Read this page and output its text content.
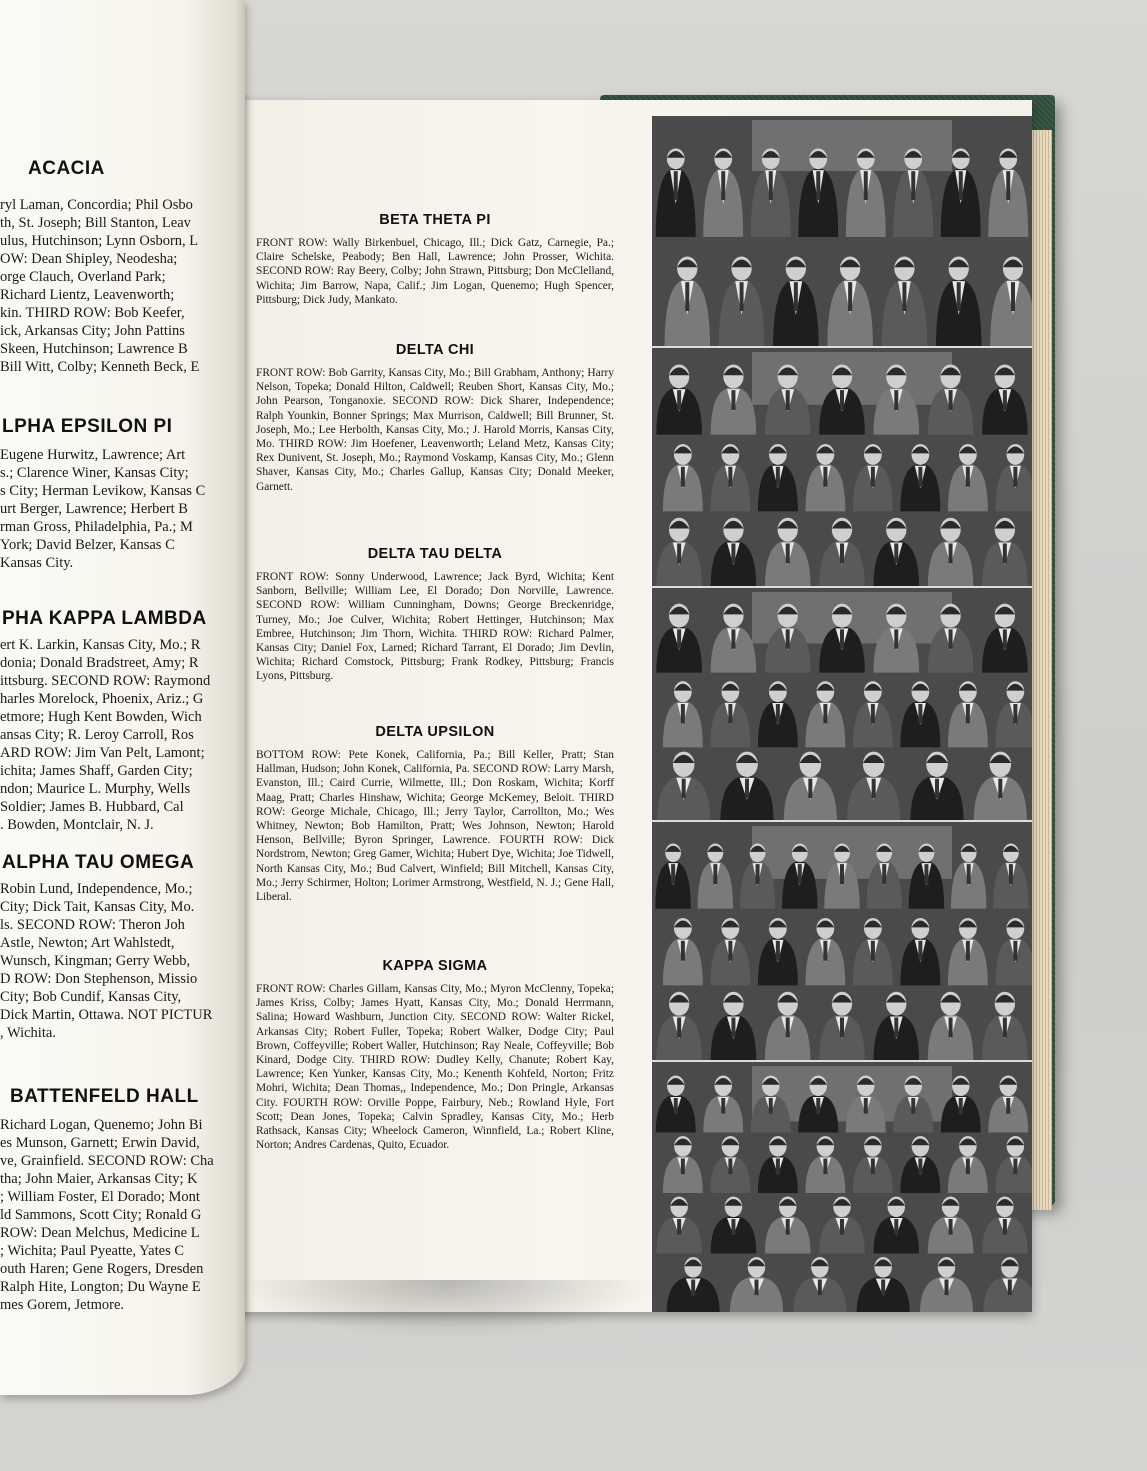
BETA THETA PI
FRONT ROW: Wally Birkenbuel, Chicago, Ill.; Dick Gatz, Carnegie, Pa.; Claire Schelske, Peabody; Ben Hall, Lawrence; John Prosser, Wichita. SECOND ROW: Ray Beery, Colby; John Strawn, Pittsburg; Don McClelland, Wichita; Jim Barrow, Napa, Calif.; Jim Logan, Quenemo; Hugh Spencer, Pittsburg; Dick Judy, Mankato.
DELTA CHI
FRONT ROW: Bob Garrity, Kansas City, Mo.; Bill Grabham, Anthony; Harry Nelson, Topeka; Donald Hilton, Caldwell; Reuben Short, Kansas City, Mo.; John Pearson, Tonganoxie. SECOND ROW: Dick Sharer, Independence; Ralph Younkin, Bonner Springs; Max Murrison, Caldwell; Bill Brunner, St. Joseph, Mo.; Lee Herbolth, Kansas City, Mo.; J. Harold Morris, Kansas City, Mo. THIRD ROW: Jim Hoefener, Leavenworth; Leland Metz, Kansas City; Rex Dunivent, St. Joseph, Mo.; Raymond Voskamp, Kansas City, Mo.; Glenn Shaver, Kansas City, Mo.; Charles Gallup, Kansas City; Donald Meeker, Garnett.
DELTA TAU DELTA
FRONT ROW: Sonny Underwood, Lawrence; Jack Byrd, Wichita; Kent Sanborn, Bellville; William Lee, El Dorado; Don Norville, Lawrence. SECOND ROW: William Cunningham, Downs; George Breckenridge, Turney, Mo.; Joe Culver, Wichita; Robert Hettinger, Hutchinson; Max Embree, Hutchinson; Jim Thorn, Wichita. THIRD ROW: Richard Palmer, Kansas City; Daniel Fox, Larned; Richard Tarrant, El Dorado; Jim Devlin, Wichita; Richard Comstock, Pittsburg; Frank Rodkey, Pittsburg; Francis Lyons, Pittsburg.
DELTA UPSILON
BOTTOM ROW: Pete Konek, California, Pa.; Bill Keller, Pratt; Stan Hallman, Hudson; John Konek, California, Pa. SECOND ROW: Larry Marsh, Evanston, Ill.; Caird Currie, Wilmette, Ill.; Don Roskam, Wichita; Korff Maag, Pratt; Charles Hinshaw, Wichita; George McKemey, Beloit. THIRD ROW: George Michale, Chicago, Ill.; Jerry Taylor, Carrollton, Mo.; Wes Whitney, Newton; Bob Hamilton, Pratt; Wes Johnson, Newton; Harold Henson, Bellville; Byron Springer, Lawrence. FOURTH ROW: Dick Nordstrom, Newton; Greg Gamer, Wichita; Hubert Dye, Wichita; Joe Tidwell, North Kansas City, Mo.; Bud Calvert, Winfield; Bill Mitchell, Kansas City, Mo.; Jerry Schirmer, Holton; Lorimer Armstrong, Westfield, N. J.; Gene Hall, Liberal.
KAPPA SIGMA
FRONT ROW: Charles Gillam, Kansas City, Mo.; Myron McClenny, Topeka; James Kriss, Colby; James Hyatt, Kansas City, Mo.; Donald Herrmann, Salina; Howard Washburn, Junction City. SECOND ROW: Walter Rickel, Arkansas City; Robert Fuller, Topeka; Robert Walker, Dodge City; Paul Brown, Coffeyville; Robert Waller, Hutchinson; Ray Neale, Coffeyville; Bob Kinard, Dodge City. THIRD ROW: Dudley Kelly, Chanute; Robert Kay, Lawrence; Ken Yunker, Kansas City, Mo.; Kenenth Kohfeld, Norton; Fritz Mohri, Wichita; Dean Thomas,, Independence, Mo.; Don Pringle, Arkansas City. FOURTH ROW: Orville Poppe, Fairbury, Neb.; Rowland Hyle, Fort Scott; Dean Jones, Topeka; Calvin Spradley, Kansas City, Mo.; Herb Rathsack, Kansas City; Wheelock Cameron, Winnfield, La.; Robert Kline, Norton; Andres Cardenas, Quito, Ecuador.
ACACIA
ryl Laman, Concordia; Phil Osbo
th, St. Joseph; Bill Stanton, Leav
ulus, Hutchinson; Lynn Osborn, L
OW: Dean Shipley, Neodesha;
orge Clauch, Overland Park;
Richard Lientz, Leavenworth;
kin. THIRD ROW: Bob Keefer,
ick, Arkansas City; John Pattins
Skeen, Hutchinson; Lawrence B
Bill Witt, Colby; Kenneth Beck, E
LPHA EPSILON PI
Eugene Hurwitz, Lawrence; Art
s.; Clarence Winer, Kansas City;
s City; Herman Levikow, Kansas C
urt Berger, Lawrence; Herbert B
rman Gross, Philadelphia, Pa.; M
York; David Belzer, Kansas C
Kansas City.
PHA KAPPA LAMBDA
ert K. Larkin, Kansas City, Mo.; R
donia; Donald Bradstreet, Amy; R
ittsburg. SECOND ROW: Raymond
harles Morelock, Phoenix, Ariz.; G
etmore; Hugh Kent Bowden, Wich
ansas City; R. Leroy Carroll, Ros
ARD ROW: Jim Van Pelt, Lamont;
ichita; James Shaff, Garden City;
ndon; Maurice L. Murphy, Wells
Soldier; James B. Hubbard, Cal
. Bowden, Montclair, N. J.
ALPHA TAU OMEGA
Robin Lund, Independence, Mo.;
City; Dick Tait, Kansas City, Mo.
ls. SECOND ROW: Theron Joh
Astle, Newton; Art Wahlstedt,
Wunsch, Kingman; Gerry Webb,
D ROW: Don Stephenson, Missio
City; Bob Cundif, Kansas City,
Dick Martin, Ottawa. NOT PICTUR
, Wichita.
BATTENFELD HALL
Richard Logan, Quenemo; John Bi
es Munson, Garnett; Erwin David,
ve, Grainfield. SECOND ROW: Cha
tha; John Maier, Arkansas City; K
; William Foster, El Dorado; Mont
ld Sammons, Scott City; Ronald G
ROW: Dean Melchus, Medicine L
; Wichita; Paul Pyeatte, Yates C
outh Haren; Gene Rogers, Dresden
Ralph Hite, Longton; Du Wayne E
mes Gorem, Jetmore.
